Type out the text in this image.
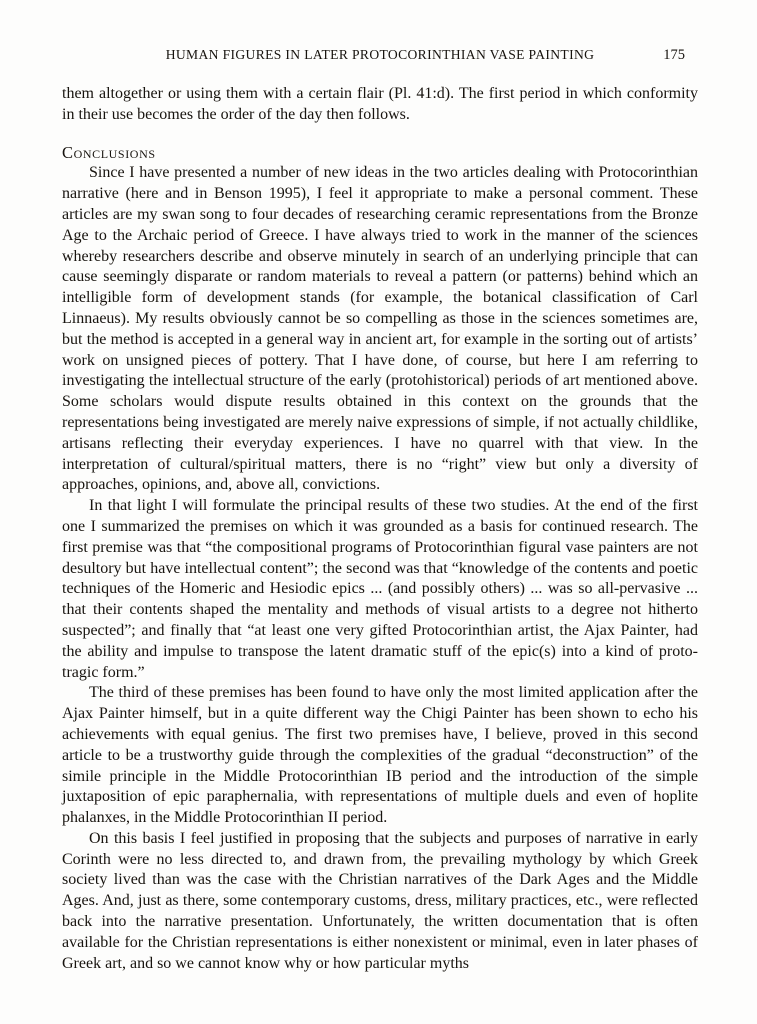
HUMAN FIGURES IN LATER PROTOCORINTHIAN VASE PAINTING	175

them altogether or using them with a certain flair (Pl. 41:d). The first period in which conformity in their use becomes the order of the day then follows.

Conclusions

Since I have presented a number of new ideas in the two articles dealing with Protocorinthian narrative (here and in Benson 1995), I feel it appropriate to make a personal comment. These articles are my swan song to four decades of researching ceramic representations from the Bronze Age to the Archaic period of Greece. I have always tried to work in the manner of the sciences whereby researchers describe and observe minutely in search of an underlying principle that can cause seemingly disparate or random materials to reveal a pattern (or patterns) behind which an intelligible form of development stands (for example, the botanical classification of Carl Linnaeus). My results obviously cannot be so compelling as those in the sciences sometimes are, but the method is accepted in a general way in ancient art, for example in the sorting out of artists’ work on unsigned pieces of pottery. That I have done, of course, but here I am referring to investigating the intellectual structure of the early (protohistorical) periods of art mentioned above. Some scholars would dispute results obtained in this context on the grounds that the representations being investigated are merely naive expressions of simple, if not actually childlike, artisans reflecting their everyday experiences. I have no quarrel with that view. In the interpretation of cultural/spiritual matters, there is no “right” view but only a diversity of approaches, opinions, and, above all, convictions.

In that light I will formulate the principal results of these two studies. At the end of the first one I summarized the premises on which it was grounded as a basis for continued research. The first premise was that “the compositional programs of Protocorinthian figural vase painters are not desultory but have intellectual content”; the second was that “knowledge of the contents and poetic techniques of the Homeric and Hesiodic epics ... (and possibly others) ... was so all-pervasive ... that their contents shaped the mentality and methods of visual artists to a degree not hitherto suspected”; and finally that “at least one very gifted Protocorinthian artist, the Ajax Painter, had the ability and impulse to transpose the latent dramatic stuff of the epic(s) into a kind of proto-tragic form.”

The third of these premises has been found to have only the most limited application after the Ajax Painter himself, but in a quite different way the Chigi Painter has been shown to echo his achievements with equal genius. The first two premises have, I believe, proved in this second article to be a trustworthy guide through the complexities of the gradual “deconstruction” of the simile principle in the Middle Protocorinthian IB period and the introduction of the simple juxtaposition of epic paraphernalia, with representations of multiple duels and even of hoplite phalanxes, in the Middle Protocorinthian II period.

On this basis I feel justified in proposing that the subjects and purposes of narrative in early Corinth were no less directed to, and drawn from, the prevailing mythology by which Greek society lived than was the case with the Christian narratives of the Dark Ages and the Middle Ages. And, just as there, some contemporary customs, dress, military practices, etc., were reflected back into the narrative presentation. Unfortunately, the written documentation that is often available for the Christian representations is either nonexistent or minimal, even in later phases of Greek art, and so we cannot know why or how particular myths
